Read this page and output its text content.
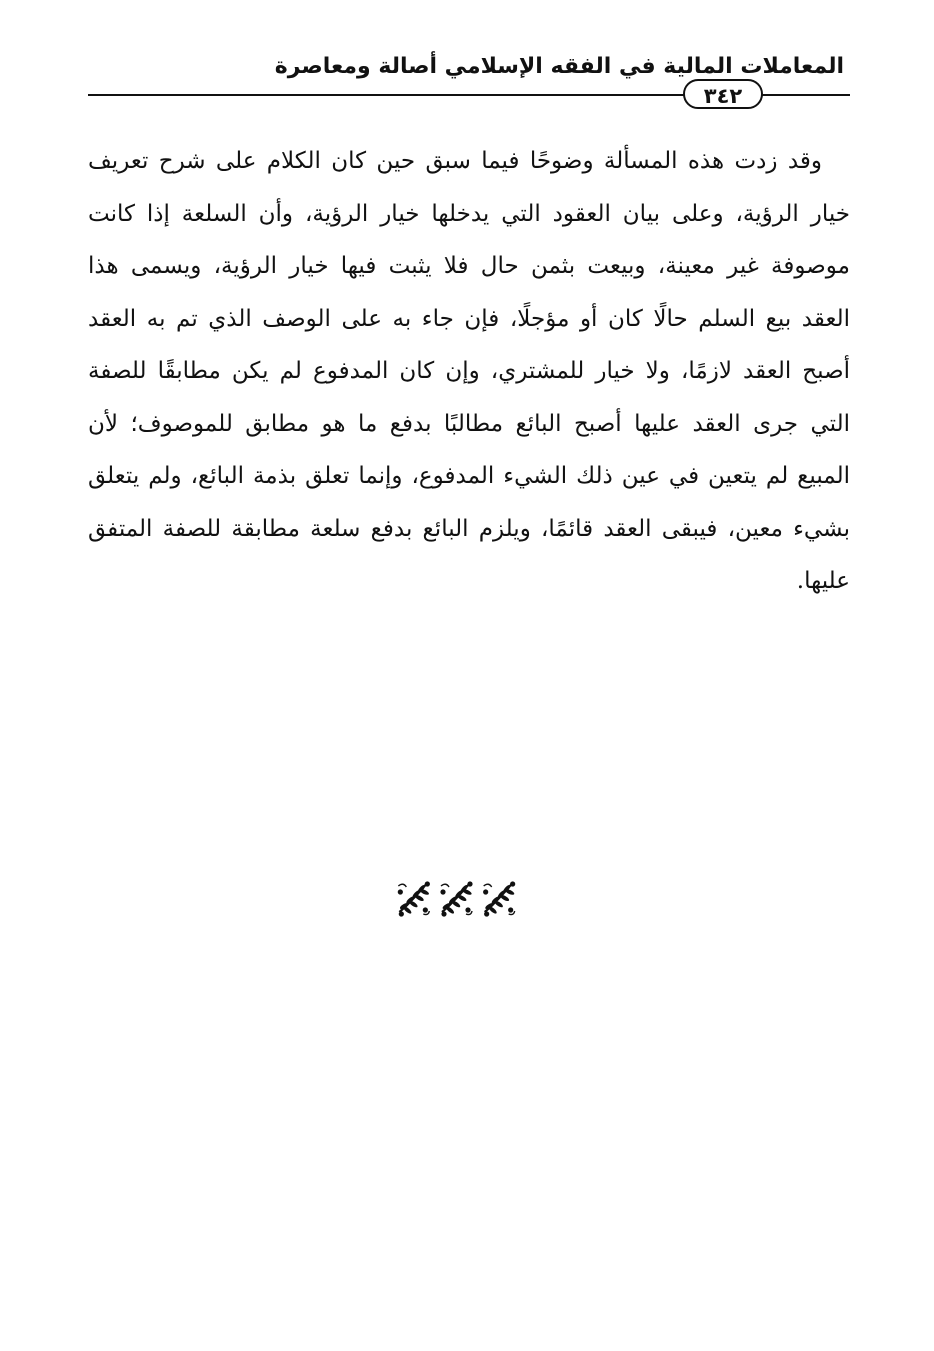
المعاملات المالية في الفقه الإسلامي أصالة ومعاصرة
٣٤٢

وقد زدت هذه المسألة وضوحًا فيما سبق حين كان الكلام على شرح تعريف خيار الرؤية، وعلى بيان العقود التي يدخلها خيار الرؤية، وأن السلعة إذا كانت موصوفة غير معينة، وبيعت بثمن حال فلا يثبت فيها خيار الرؤية، ويسمى هذا العقد بيع السلم حالًا كان أو مؤجلًا، فإن جاء به على الوصف الذي تم به العقد أصبح العقد لازمًا، ولا خيار للمشتري، وإن كان المدفوع لم يكن مطابقًا للصفة التي جرى العقد عليها أصبح البائع مطالبًا بدفع ما هو مطابق للموصوف؛ لأن المبيع لم يتعين في عين ذلك الشيء المدفوع، وإنما تعلق بذمة البائع، ولم يتعلق بشيء معين، فيبقى العقد قائمًا، ويلزم البائع بدفع سلعة مطابقة للصفة المتفق عليها.
